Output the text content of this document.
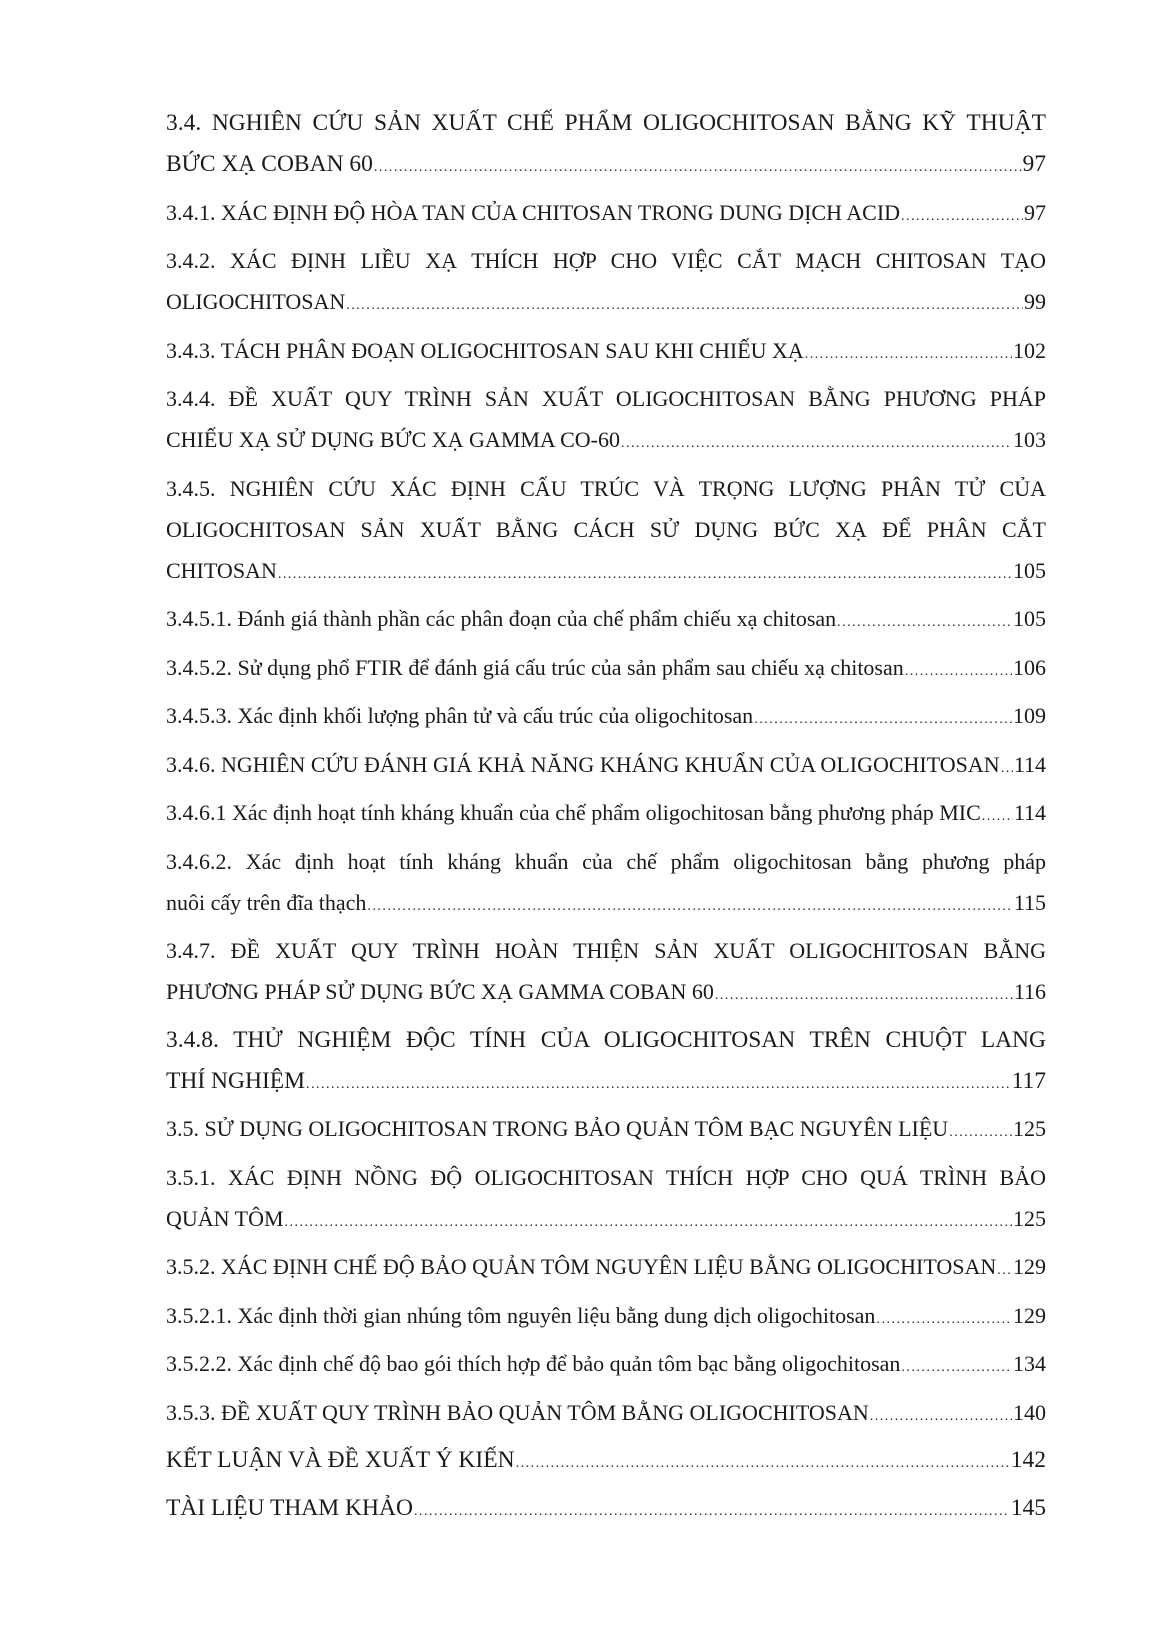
3.4. NGHIÊN CỨU SẢN XUẤT CHẾ PHẨM OLIGOCHITOSAN BẰNG KỸ THUẬT
BỨC XẠ COBAN 60 . . .	97
3.4.1. XÁC ĐỊNH ĐỘ HÒA TAN CỦA CHITOSAN TRONG DUNG DỊCH ACID . . .	97
3.4.2. XÁC ĐỊNH LIỀU XẠ THÍCH HỢP CHO VIỆC CẮT MẠCH CHITOSAN TẠO
OLIGOCHITOSAN . . .	99
3.4.3. TÁCH PHÂN ĐOẠN OLIGOCHITOSAN SAU KHI CHIẾU XẠ . . .	102
3.4.4. ĐỀ XUẤT QUY TRÌNH SẢN XUẤT OLIGOCHITOSAN BẰNG PHƯƠNG PHÁP
CHIẾU XẠ SỬ DỤNG BỨC XẠ GAMMA CO-60 . . .	103
3.4.5. NGHIÊN CỨU XÁC ĐỊNH CẤU TRÚC VÀ TRỌNG LƯỢNG PHÂN TỬ CỦA
OLIGOCHITOSAN SẢN XUẤT BẰNG CÁCH SỬ DỤNG BỨC XẠ ĐỂ PHÂN CẮT
CHITOSAN . . .	105
3.4.5.1. Đánh giá thành phần các phân đoạn của chế phẩm chiếu xạ chitosan . . .	105
3.4.5.2. Sử dụng phổ FTIR để đánh giá cấu trúc của sản phẩm sau chiếu xạ chitosan . . .	106
3.4.5.3. Xác định khối lượng phân tử và cấu trúc của oligochitosan . . .	109
3.4.6. NGHIÊN CỨU ĐÁNH GIÁ KHẢ NĂNG KHÁNG KHUẨN CỦA OLIGOCHITOSAN . . . 114
3.4.6.1 Xác định hoạt tính kháng khuẩn của chế phẩm oligochitosan bằng phương pháp MIC . . . 114
3.4.6.2. Xác định hoạt tính kháng khuẩn của chế phẩm oligochitosan bằng phương pháp
nuôi cấy trên đĩa thạch . . .	115
3.4.7. ĐỀ XUẤT QUY TRÌNH HOÀN THIỆN SẢN XUẤT OLIGOCHITOSAN BẰNG
PHƯƠNG PHÁP SỬ DỤNG BỨC XẠ GAMMA COBAN 60 . . .	116
3.4.8. THỬ NGHIỆM ĐỘC TÍNH CỦA OLIGOCHITOSAN TRÊN CHUỘT LANG
THÍ NGHIỆM . . .	117
3.5. SỬ DỤNG OLIGOCHITOSAN TRONG BẢO QUẢN TÔM BẠC NGUYÊN LIỆU . . .	125
3.5.1. XÁC ĐỊNH NỒNG ĐỘ OLIGOCHITOSAN THÍCH HỢP CHO QUÁ TRÌNH BẢO
QUẢN TÔM . . .	125
3.5.2. XÁC ĐỊNH CHẾ ĐỘ BẢO QUẢN TÔM NGUYÊN LIỆU BẰNG OLIGOCHITOSAN . . . 129
3.5.2.1. Xác định thời gian nhúng tôm nguyên liệu bằng dung dịch oligochitosan . . .	129
3.5.2.2. Xác định chế độ bao gói thích hợp để bảo quản tôm bạc bằng oligochitosan . . .	134
3.5.3. ĐỀ XUẤT QUY TRÌNH BẢO QUẢN TÔM BẰNG OLIGOCHITOSAN . . .	140
KẾT LUẬN VÀ ĐỀ XUẤT Ý KIẾN . . .	142
TÀI LIỆU THAM KHẢO . . .	145
